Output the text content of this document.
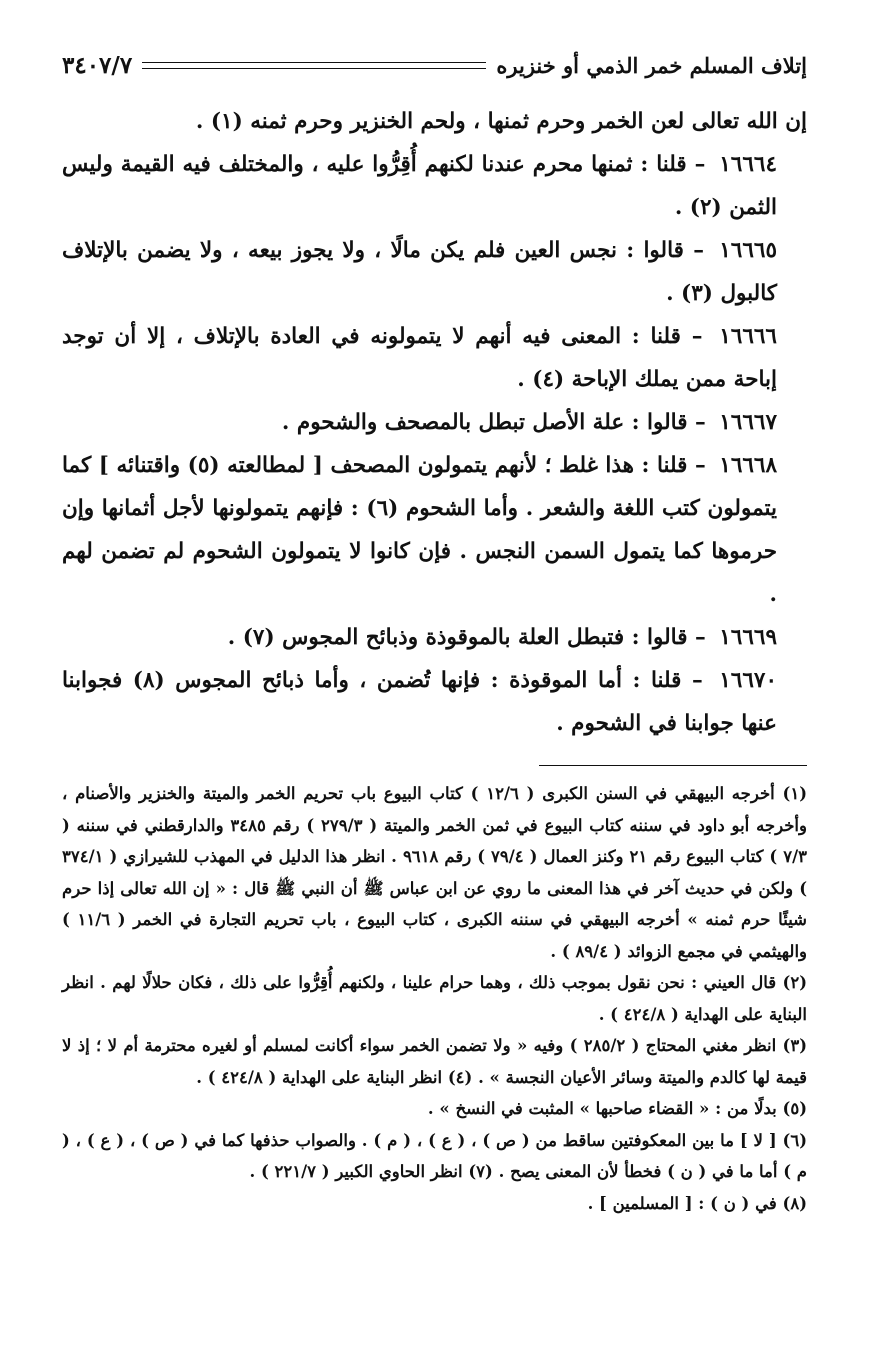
إتلاف المسلم خمر الذمي أو خنزيره
٣٤٠٧/٧

إن الله تعالى لعن الخمر وحرم ثمنها ، ولحم الخنزير وحرم ثمنه (١) .

١٦٦٦٤ – قلنا : ثمنها محرم عندنا لكنهم أُقِرُّوا عليه ، والمختلف فيه القيمة وليس الثمن (٢) .

١٦٦٦٥ – قالوا : نجس العين فلم يكن مالًا ، ولا يجوز بيعه ، ولا يضمن بالإتلاف كالبول (٣) .

١٦٦٦٦ – قلنا : المعنى فيه أنهم لا يتمولونه في العادة بالإتلاف ، إلا أن توجد إباحة ممن يملك الإباحة (٤) .

١٦٦٦٧ – قالوا : علة الأصل تبطل بالمصحف والشحوم .

١٦٦٦٨ – قلنا : هذا غلط ؛ لأنهم يتمولون المصحف [ لمطالعته (٥) واقتنائه ] كما يتمولون كتب اللغة والشعر . وأما الشحوم (٦) : فإنهم يتمولونها لأجل أثمانها وإن حرموها كما يتمول السمن النجس . فإن كانوا لا يتمولون الشحوم لم تضمن لهم .

١٦٦٦٩ – قالوا : فتبطل العلة بالموقوذة وذبائح المجوس (٧) .

١٦٦٧٠ – قلنا : أما الموقوذة : فإنها تُضمن ، وأما ذبائح المجوس (٨) فجوابنا عنها جوابنا في الشحوم .

(١) أخرجه البيهقي في السنن الكبرى ( ١٢/٦ ) كتاب البيوع باب تحريم الخمر والميتة والخنزير والأصنام ، وأخرجه أبو داود في سننه كتاب البيوع في ثمن الخمر والميتة ( ٢٧٩/٣ ) رقم ٣٤٨٥ والدارقطني في سننه ( ٧/٣ ) كتاب البيوع رقم ٢١ وكنز العمال ( ٧٩/٤ ) رقم ٩٦١٨ . انظر هذا الدليل في المهذب للشيرازي ( ٣٧٤/١ ) ولكن في حديث آخر في هذا المعنى ما روي عن ابن عباس ﷺ أن النبي ﷺ قال : « إن الله تعالى إذا حرم شيئًا حرم ثمنه » أخرجه البيهقي في سننه الكبرى ، كتاب البيوع ، باب تحريم التجارة في الخمر ( ١١/٦ ) والهيثمي في مجمع الزوائد ( ٨٩/٤ ) .

(٢) قال العيني : نحن نقول بموجب ذلك ، وهما حرام علينا ، ولكنهم أُقِرُّوا على ذلك ، فكان حلالًا لهم . انظر البناية على الهداية ( ٤٢٤/٨ ) .

(٣) انظر مغني المحتاج ( ٢٨٥/٢ ) وفيه « ولا تضمن الخمر سواء أكانت لمسلم أو لغيره محترمة أم لا ؛ إذ لا قيمة لها كالدم والميتة وسائر الأعيان النجسة » . (٤) انظر البناية على الهداية ( ٤٢٤/٨ ) .

(٥) بدلًا من : « القضاء صاحبها » المثبت في النسخ » .

(٦) [ لا ] ما بين المعكوفتين ساقط من ( ص ) ، ( ع ) ، ( م ) . والصواب حذفها كما في ( ص ) ، ( ع ) ، ( م ) أما ما في ( ن ) فخطأ لأن المعنى يصح . (٧) انظر الحاوي الكبير ( ٢٢١/٧ ) .

(٨) في ( ن ) : [ المسلمين ] .
